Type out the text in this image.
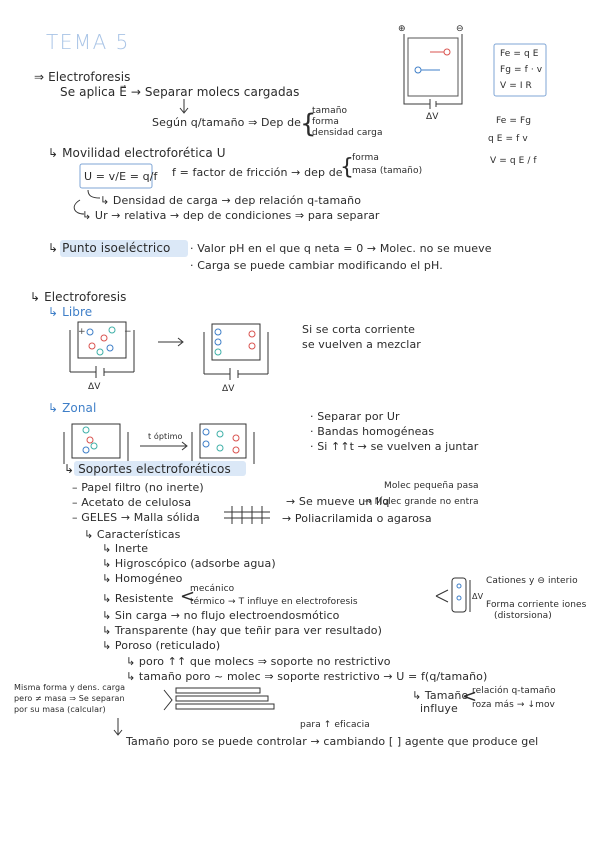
TEMA 5
⇒ Electroforesis
Se aplica E⃗ → Separar molecs cargadas
Según q/tamaño ⇒ Dep de
{
tamaño
forma
densidad carga
⊕	⊖
ΔV
Fe = q E
Fg = f · v
V = I R
Fe = Fg
q E = f v
V = q E / f
↳ Movilidad electroforética U
U = v/E = q/f f = factor de fricción → dep de
{
forma
masa (tamaño)
↳ Densidad de carga → dep relación q-tamaño
↳ Ur → relativa → dep de condiciones ⇒ para separar
↳ Punto isoeléctrico · Valor pH en el que q neta = 0 → Molec. no se mueve
· Carga se puede cambiar modificando el pH.
↳ Electroforesis
↳ Libre
+	−
ΔV	ΔV
Si se corta corriente
se vuelven a mezclar
↳ Zonal
t óptimo
· Separar por Ur
· Bandas homogéneas
· Si ↑↑t → se vuelven a juntar
↳ Soportes electroforéticos
– Papel filtro (no inerte)
– Acetato de celulosa
– GELES → Malla sólida
→ Se mueve un líq
Molec pequeña pasa
→ Molec grande no entra
→ Poliacrilamida o agarosa
↳ Características
↳ Inerte
↳ Higroscópico (adsorbe agua)
↳ Homogéneo
↳ Resistente <
mecánico
térmico → T influye en electroforesis
↳ Sin carga → no flujo electroendosmótico
↳ Transparente (hay que teñir para ver resultado)
↳ Poroso (reticulado)
↳ poro ↑↑ que molecs ⇒ soporte no restrictivo
↳ tamaño poro ~ molec ⇒ soporte restrictivo → U = f(q/tamaño)
Cationes y ⊖ interio
Forma corriente iones
(distorsiona)
ΔV
↳ Tamaño
influye
<
relación q-tamaño
roza más → ↓mov
Misma forma y dens. carga
pero ≠ masa ⇒ Se separan
por su masa (calcular)
para ↑ eficacia
Tamaño poro se puede controlar → cambiando [ ] agente que produce gel
